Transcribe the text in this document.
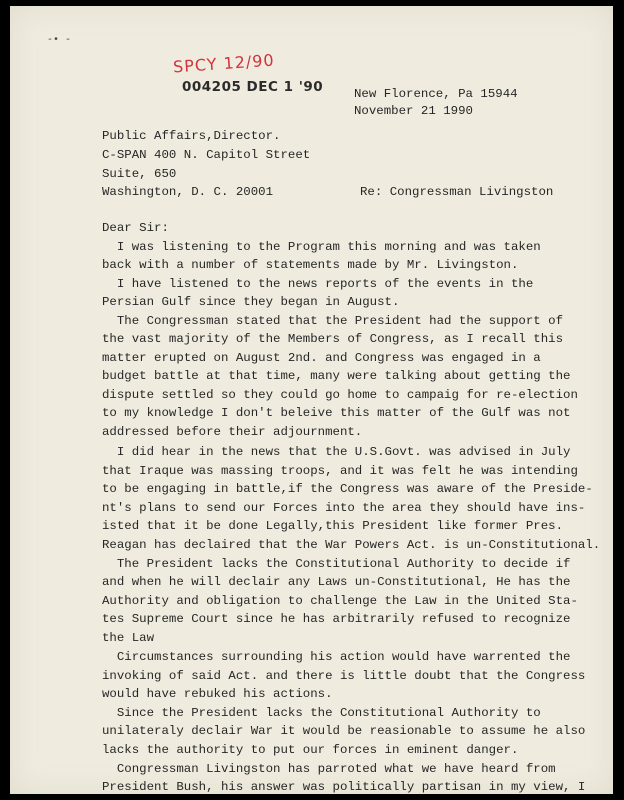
-• -
SPCY 12/90
004205 DEC 1 '90 New Florence, Pa 15944
November 21 1990
Public Affairs,Director.
C-SPAN 400 N. Capitol Street
Suite, 650
Washington, D. C. 20001	Re: Congressman Livingston
Dear Sir:
I was listening to the Program this morning and was taken
back with a number of statements made by Mr. Livingston.
I have listened to the news reports of the events in the
Persian Gulf since they began in August.
The Congressman stated that the President had the support of
the vast majority of the Members of Congress, as I recall this
matter erupted on August 2nd. and Congress was engaged in a
budget battle at that time, many were talking about getting the
dispute settled so they could go home to campaig for re-election
to my knowledge I don't beleive this matter of the Gulf was not
addressed before their adjournment.
I did hear in the news that the U.S.Govt. was advised in July
that Iraque was massing troops, and it was felt he was intending
to be engaging in battle,if the Congress was aware of the Preside-
nt's plans to send our Forces into the area they should have ins-
isted that it be done Legally,this President like former Pres.
Reagan has declaired that the War Powers Act. is un-Constitutional.
The President lacks the Constitutional Authority to decide if
and when he will declair any Laws un-Constitutional, He has the
Authority and obligation to challenge the Law in the United Sta-
tes Supreme Court since he has arbitrarily refused to recognize
the Law
Circumstances surrounding his action would have warrented the
invoking of said Act. and there is little doubt that the Congress
would have rebuked his actions.
Since the President lacks the Constitutional Authority to
unilateraly declair War it would be reasionable to assume he also
lacks the authority to put our forces in eminent danger.
Congressman Livingston has parroted what we have heard from
President Bush, his answer was politically partisan in my view, I
